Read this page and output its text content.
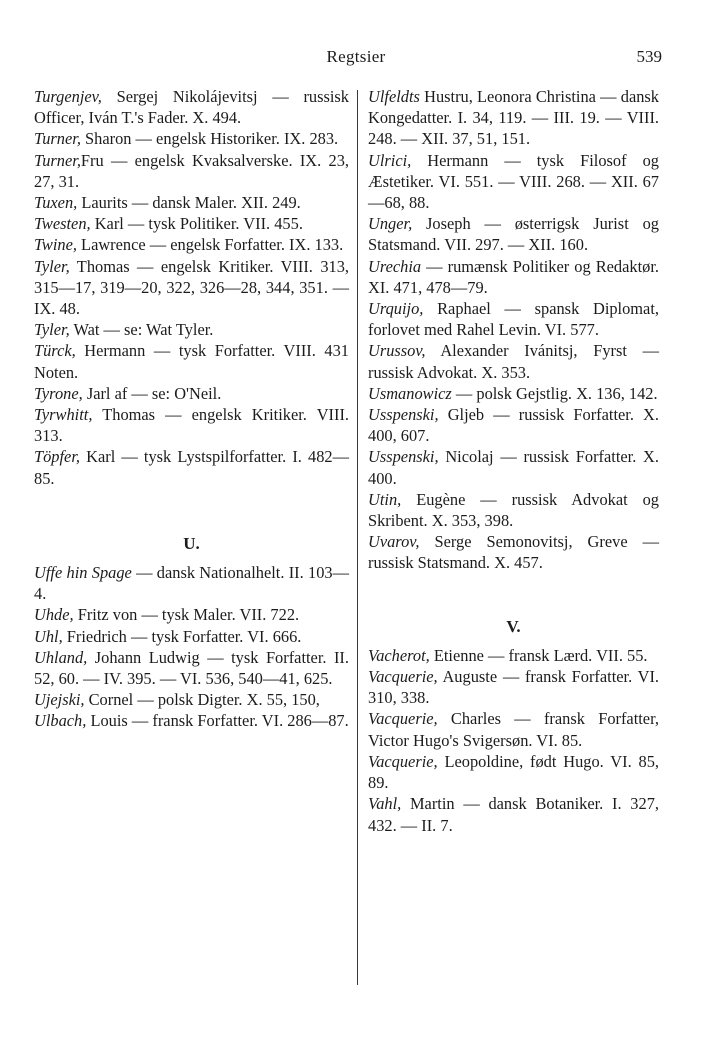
Regtsier	539

Turgenjev, Sergej Nikolájevitsj — russisk Officer, Iván T.'s Fader. X. 494.

Turner, Sharon — engelsk Historiker. IX. 283.

Turner,Fru — engelsk Kvaksalverske. IX. 23, 27, 31.

Tuxen, Laurits — dansk Maler. XII. 249.

Twesten, Karl — tysk Politiker. VII. 455.

Twine, Lawrence — engelsk Forfatter. IX. 133.

Tyler, Thomas — engelsk Kritiker. VIII. 313, 315—17, 319—20, 322, 326—28, 344, 351. — IX. 48.

Tyler, Wat — se: Wat Tyler.

Türck, Hermann — tysk Forfatter. VIII. 431 Noten.

Tyrone, Jarl af — se: O'Neil.

Tyrwhitt, Thomas — engelsk Kritiker. VIII. 313.

Töpfer, Karl — tysk Lystspilforfatter. I. 482—85.

U.

Uffe hin Spage — dansk Nationalhelt. II. 103—4.

Uhde, Fritz von — tysk Maler. VII. 722.

Uhl, Friedrich — tysk Forfatter. VI. 666.

Uhland, Johann Ludwig — tysk Forfatter. II. 52, 60. — IV. 395. — VI. 536, 540—41, 625.

Ujejski, Cornel — polsk Digter. X. 55, 150,

Ulbach, Louis — fransk Forfatter. VI. 286—87.

Ulfeldts Hustru, Leonora Christina — dansk Kongedatter. I. 34, 119. — III. 19. — VIII. 248. — XII. 37, 51, 151.

Ulrici, Hermann — tysk Filosof og Æstetiker. VI. 551. — VIII. 268. — XII. 67—68, 88.

Unger, Joseph — østerrigsk Jurist og Statsmand. VII. 297. — XII. 160.

Urechia — rumænsk Politiker og Redaktør. XI. 471, 478—79.

Urquijo, Raphael — spansk Diplomat, forlovet med Rahel Levin. VI. 577.

Urussov, Alexander Ivánitsj, Fyrst — russisk Advokat. X. 353.

Usmanowicz — polsk Gejstlig. X. 136, 142.

Usspenski, Gljeb — russisk Forfatter. X. 400, 607.

Usspenski, Nicolaj — russisk Forfatter. X. 400.

Utin, Eugène — russisk Advokat og Skribent. X. 353, 398.

Uvarov, Serge Semonovitsj, Greve — russisk Statsmand. X. 457.

V.

Vacherot, Etienne — fransk Lærd. VII. 55.

Vacquerie, Auguste — fransk Forfatter. VI. 310, 338.

Vacquerie, Charles — fransk Forfatter, Victor Hugo's Svigersøn. VI. 85.

Vacquerie, Leopoldine, født Hugo. VI. 85, 89.

Vahl, Martin — dansk Botaniker. I. 327, 432. — II. 7.
